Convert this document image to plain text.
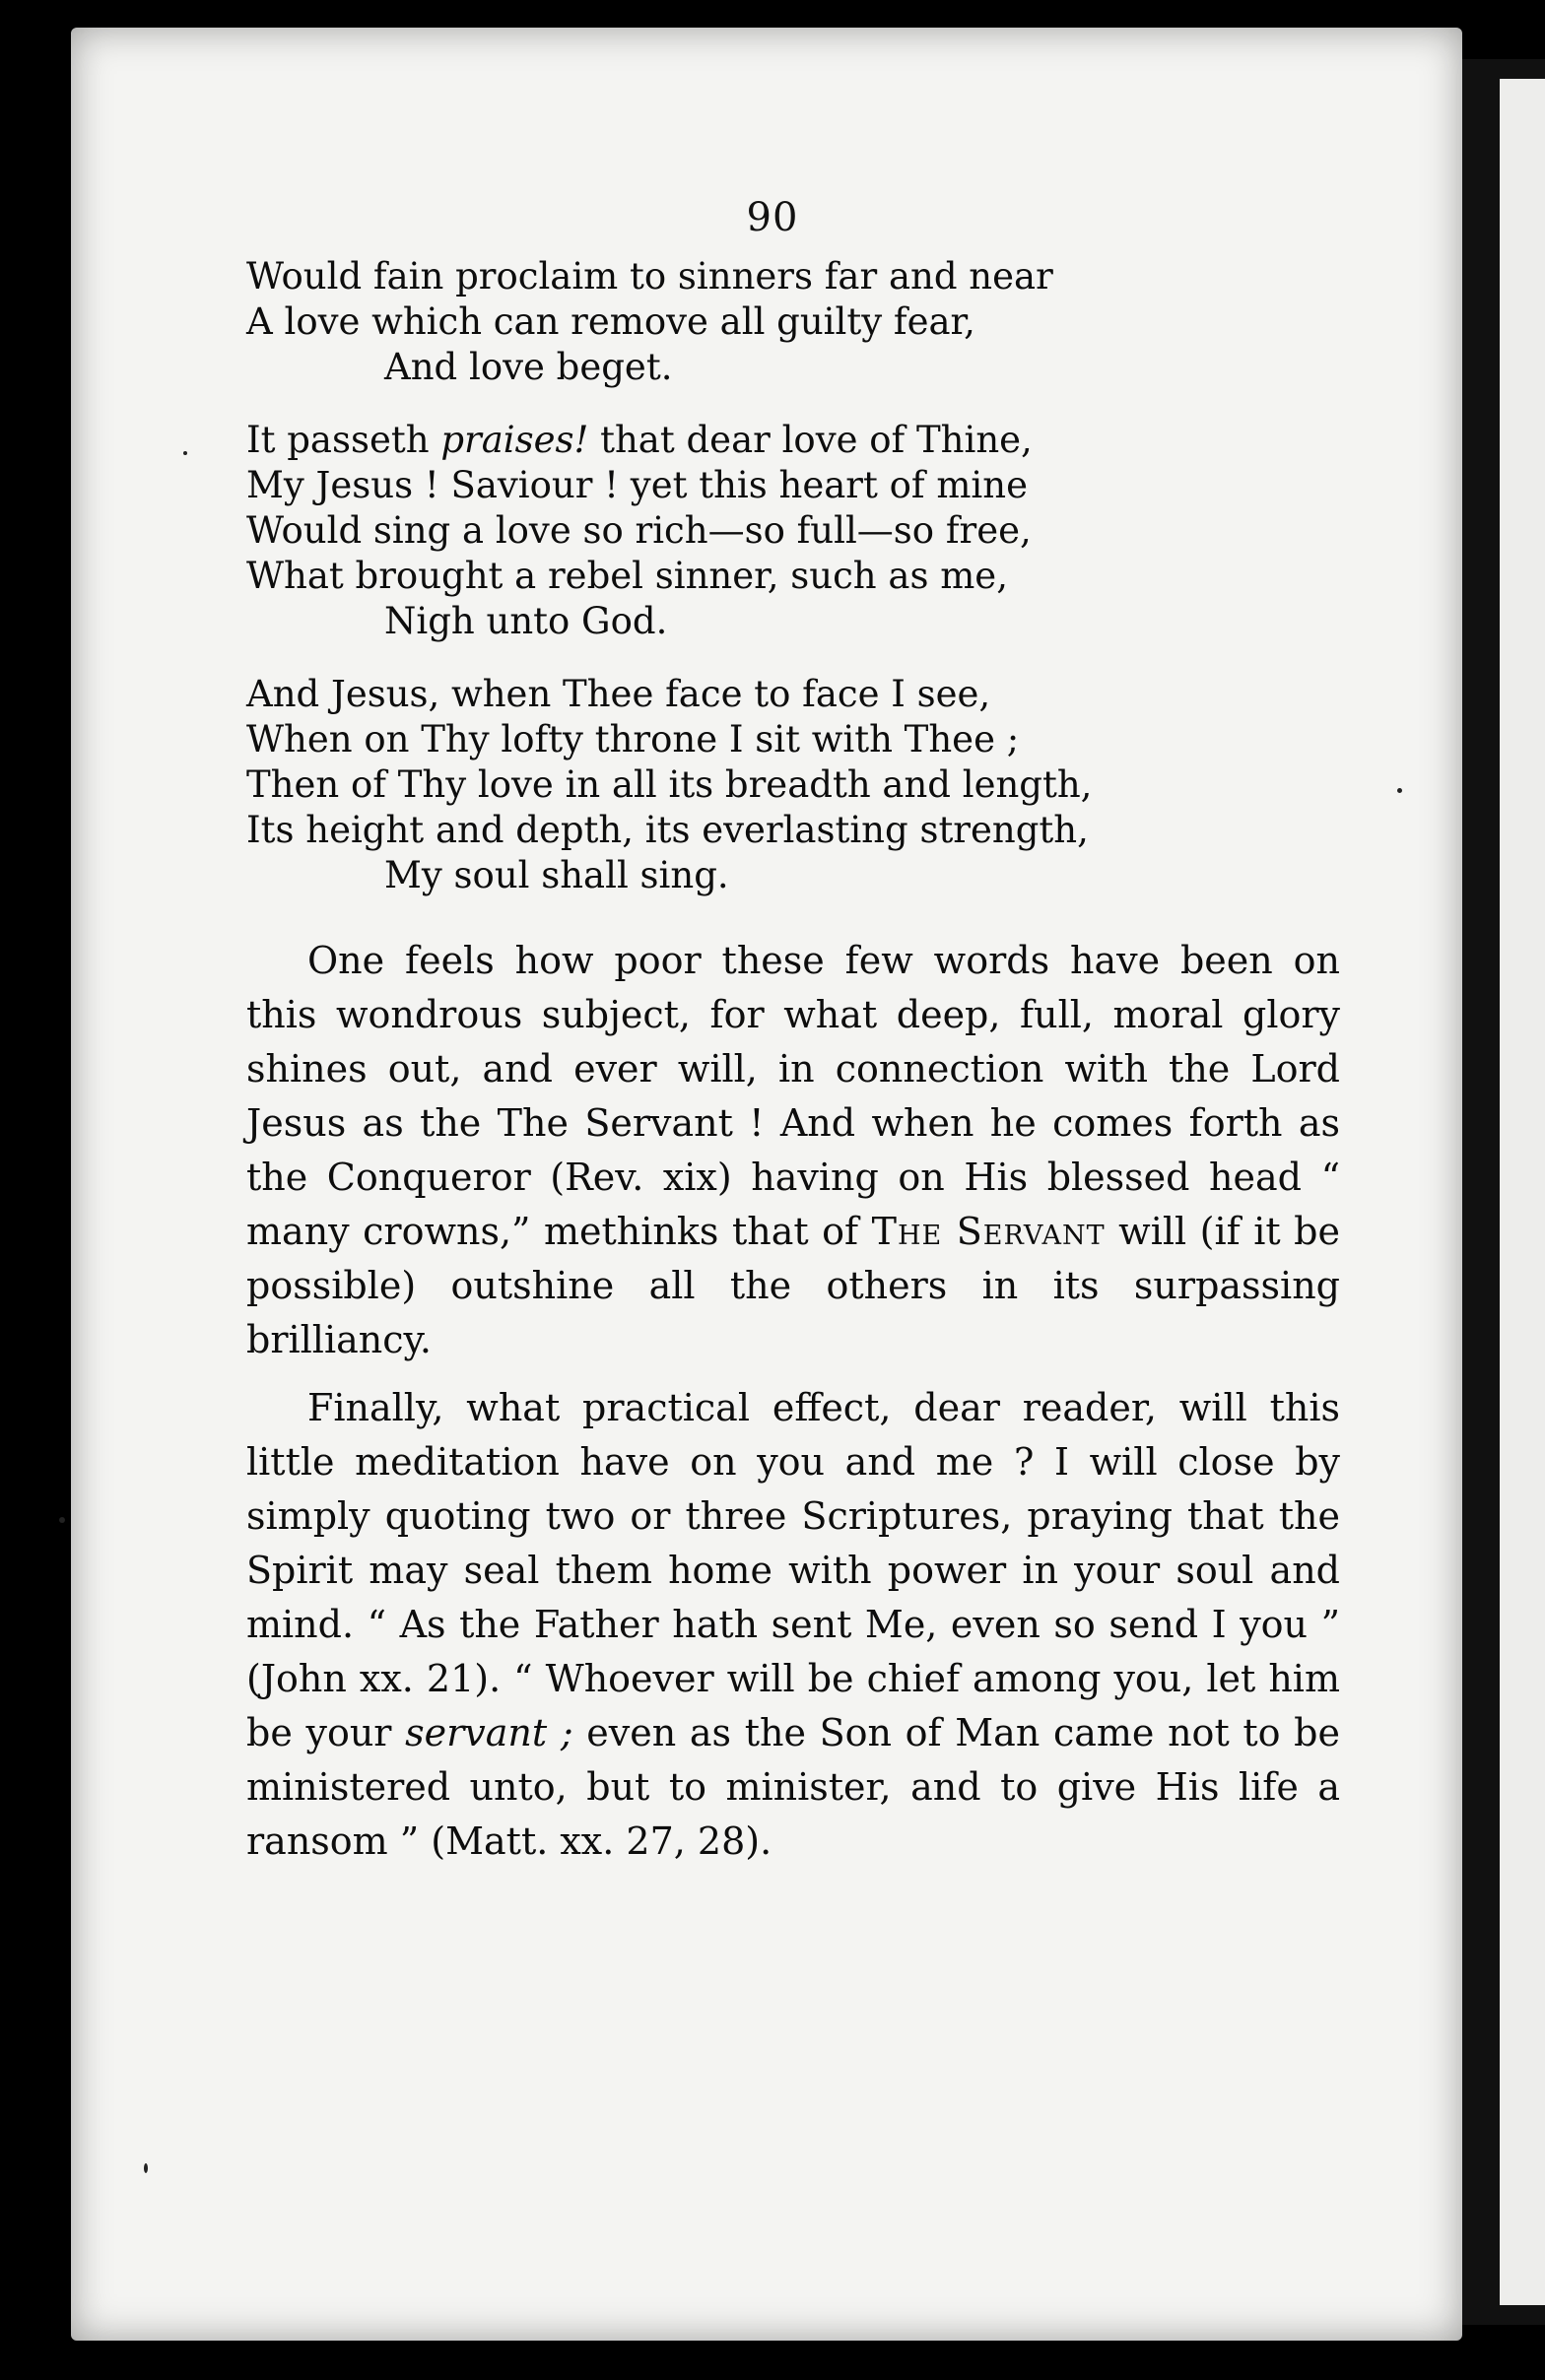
90
Would fain proclaim to sinners far and near
A love which can remove all guilty fear,
And love beget.
It passeth praises! that dear love of Thine,
My Jesus ! Saviour ! yet this heart of mine
Would sing a love so rich—so full—so free,
What brought a rebel sinner, such as me,
Nigh unto God.
And Jesus, when Thee face to face I see,
When on Thy lofty throne I sit with Thee ;
Then of Thy love in all its breadth and length,
Its height and depth, its everlasting strength,
My soul shall sing.

One feels how poor these few words have been on this wondrous subject, for what deep, full, moral glory shines out, and ever will, in connection with the Lord Jesus as the The Servant ! And when he comes forth as the Conqueror (Rev. xix) having on His blessed head “ many crowns,” methinks that of The Servant will (if it be possible) outshine all the others in its surpassing brilliancy.

Finally, what practical effect, dear reader, will this little meditation have on you and me ? I will close by simply quoting two or three Scriptures, praying that the Spirit may seal them home with power in your soul and mind. “ As the Father hath sent Me, even so send I you ” (John xx. 21). “ Whoever will be chief among you, let him be your servant ; even as the Son of Man came not to be ministered unto, but to minister, and to give His life a ransom ” (Matt. xx. 27, 28).
